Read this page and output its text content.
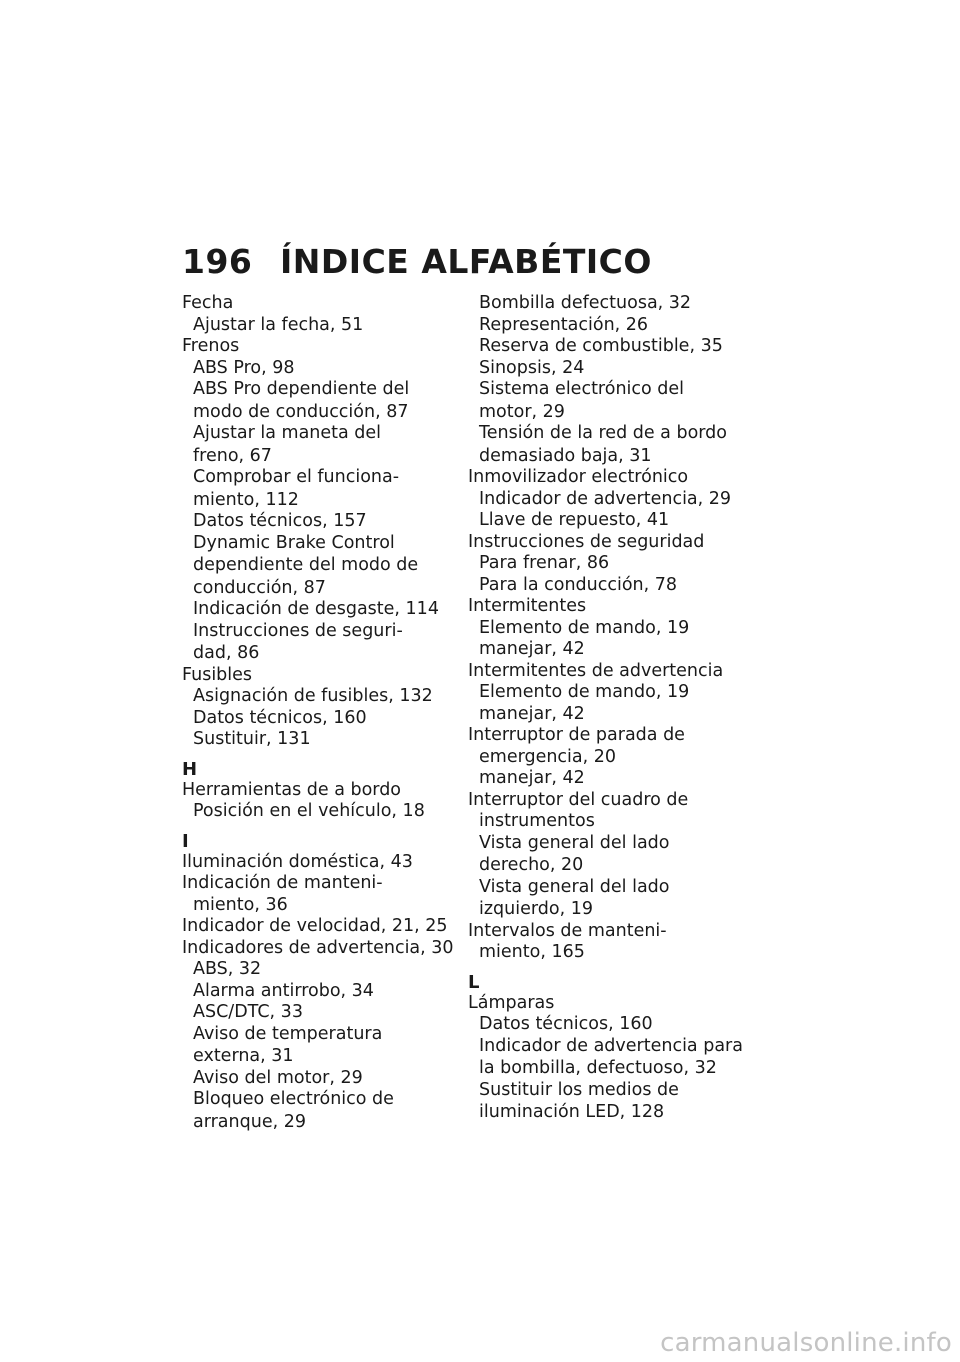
196 ÍNDICE ALFABÉTICO
Fecha
Ajustar la fecha, 51
Frenos
ABS Pro, 98
ABS Pro dependiente del
modo de conducción, 87
Ajustar la maneta del
freno, 67
Comprobar el funciona-
miento, 112
Datos técnicos, 157
Dynamic Brake Control
dependiente del modo de
conducción, 87
Indicación de desgaste, 114
Instrucciones de seguri-
dad, 86
Fusibles
Asignación de fusibles, 132
Datos técnicos, 160
Sustituir, 131
H
Herramientas de a bordo
Posición en el vehículo, 18
I
Iluminación doméstica, 43
Indicación de manteni-
miento, 36
Indicador de velocidad, 21, 25
Indicadores de advertencia, 30
ABS, 32
Alarma antirrobo, 34
ASC/DTC, 33
Aviso de temperatura
externa, 31
Aviso del motor, 29
Bloqueo electrónico de
arranque, 29
Bombilla defectuosa, 32
Representación, 26
Reserva de combustible, 35
Sinopsis, 24
Sistema electrónico del
motor, 29
Tensión de la red de a bordo
demasiado baja, 31
Inmovilizador electrónico
Indicador de advertencia, 29
Llave de repuesto, 41
Instrucciones de seguridad
Para frenar, 86
Para la conducción, 78
Intermitentes
Elemento de mando, 19
manejar, 42
Intermitentes de advertencia
Elemento de mando, 19
manejar, 42
Interruptor de parada de
emergencia, 20
manejar, 42
Interruptor del cuadro de
instrumentos
Vista general del lado
derecho, 20
Vista general del lado
izquierdo, 19
Intervalos de manteni-
miento, 165
L
Lámparas
Datos técnicos, 160
Indicador de advertencia para
la bombilla, defectuoso, 32
Sustituir los medios de
iluminación LED, 128
carmanualsonline.info
